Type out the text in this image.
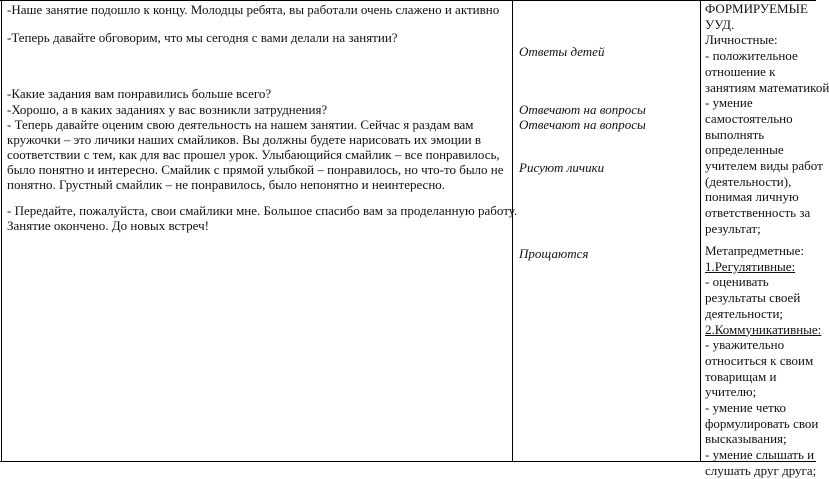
-Наше занятие подошло к концу. Молодцы ребята, вы работали очень слажено и активно
-Теперь давайте обговорим, что мы сегодня с вами делали на занятии?
-Какие задания вам понравились больше всего?
-Хорошо, а в каких заданиях у вас возникли затруднения?
- Теперь давайте оценим свою деятельность на нашем занятии. Сейчас я раздам вам
кружочки – это личики наших смайликов. Вы должны будете нарисовать их эмоции в
соответствии с тем, как для вас прошел урок. Улыбающийся смайлик – все понравилось,
было понятно и интересно. Смайлик с прямой улыбкой – понравилось, но что-то было не
понятно. Грустный смайлик – не понравилось, было непонятно и неинтересно.
- Передайте, пожалуйста, свои смайлики мне. Большое спасибо вам за проделанную работу.
Занятие окончено. До новых встреч!
Ответы детей
Отвечают на вопросы
Отвечают на вопросы
Рисуют личики
Прощаются
ФОРМИРУЕМЫЕ
УУД.
Личностные:
- положительное
отношение к
занятиям математикой
- умение
самостоятельно
выполнять
определенные
учителем виды работ
(деятельности),
понимая личную
ответственность за
результат;
Метапредметные:
1.Регулятивные:
- оценивать
результаты своей
деятельности;
2.Коммуникативные:
- уважительно
относиться к своим
товарищам и
учителю;
- умение четко
формулировать свои
высказывания;
- умение слышать и
слушать друг друга;
